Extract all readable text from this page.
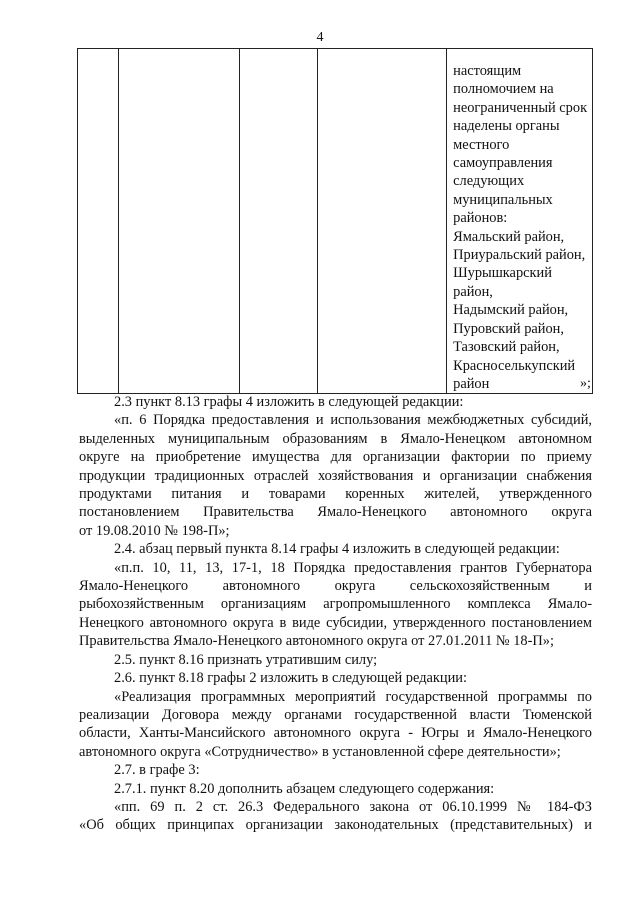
4

настоящим
полномочием на
неограниченный срок
наделены органы
местного
самоуправления
следующих
муниципальных
районов:
Ямальский район,
Приуральский район,
Шурышкарский
район,
Надымский район,
Пуровский район,
Тазовский район,
Красноселькупский
район	»;
2.3 пункт 8.13 графы 4 изложить в следующей редакции:
«п. 6 Порядка предоставления и использования межбюджетных субсидий,
выделенных муниципальным образованиям в Ямало-Ненецком автономном
округе на приобретение имущества для организации фактории по приему
продукции традиционных отраслей хозяйствования и организации снабжения
продуктами питания и товарами коренных жителей, утвержденного
постановлением Правительства Ямало-Ненецкого автономного округа
от 19.08.2010 № 198-П»;
2.4. абзац первый пункта 8.14 графы 4 изложить в следующей редакции:
«п.п. 10, 11, 13, 17-1, 18 Порядка предоставления грантов Губернатора
Ямало-Ненецкого автономного округа сельскохозяйственным и
рыбохозяйственным организациям агропромышленного комплекса Ямало-
Ненецкого автономного округа в виде субсидии, утвержденного постановлением
Правительства Ямало-Ненецкого автономного округа от 27.01.2011 № 18-П»;
2.5. пункт 8.16 признать утратившим силу;
2.6. пункт 8.18 графы 2 изложить в следующей редакции:
«Реализация программных мероприятий государственной программы по
реализации Договора между органами государственной власти Тюменской
области, Ханты-Мансийского автономного округа - Югры и Ямало-Ненецкого
автономного округа «Сотрудничество» в установленной сфере деятельности»;
2.7. в графе 3:
2.7.1. пункт 8.20 дополнить абзацем следующего содержания:
«пп. 69 п. 2 ст. 26.3 Федерального закона от 06.10.1999 № 184-ФЗ
«Об общих принципах организации законодательных (представительных) и
